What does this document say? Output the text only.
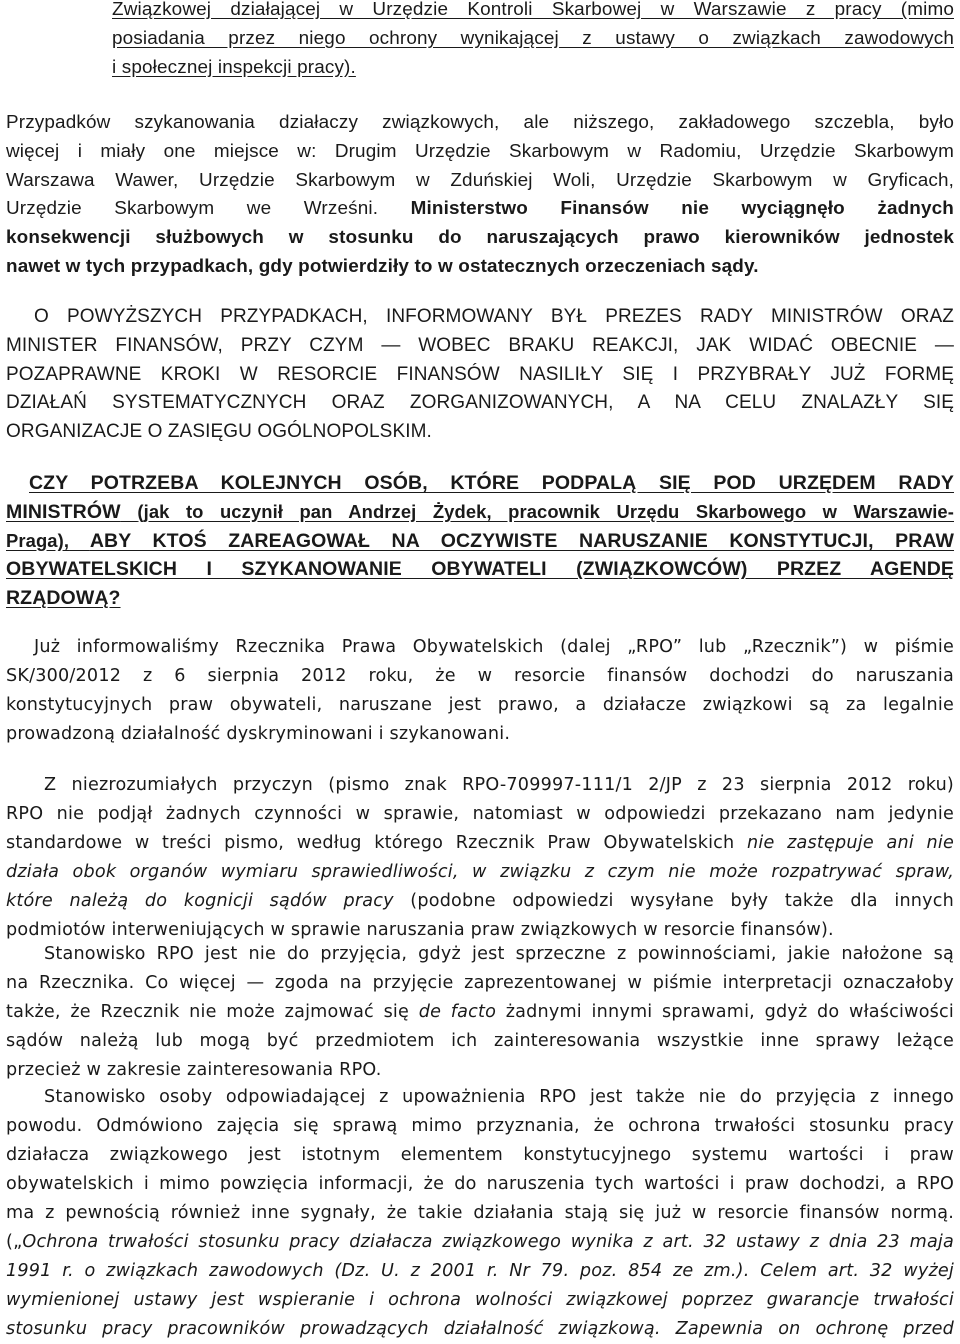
Związkowej działającej w Urzędzie Kontroli Skarbowej w Warszawie z pracy (mimo
posiadania przez niego ochrony wynikającej z ustawy o związkach zawodowych
i społecznej inspekcji pracy).
Przypadków szykanowania działaczy związkowych, ale niższego, zakładowego szczebla, było
więcej i miały one miejsce w: Drugim Urzędzie Skarbowym w Radomiu, Urzędzie Skarbowym
Warszawa Wawer, Urzędzie Skarbowym w Zduńskiej Woli, Urzędzie Skarbowym w Gryficach,
Urzędzie Skarbowym we Wrześni. Ministerstwo Finansów nie wyciągnęło żadnych
konsekwencji służbowych w stosunku do naruszających prawo kierowników jednostek
nawet w tych przypadkach, gdy potwierdziły to w ostatecznych orzeczeniach sądy.
O POWYŻSZYCH PRZYPADKACH, INFORMOWANY BYŁ PREZES RADY MINISTRÓW ORAZ
MINISTER FINANSÓW, PRZY CZYM — WOBEC BRAKU REAKCJI, JAK WIDAĆ OBECNIE —
POZAPRAWNE KROKI W RESORCIE FINANSÓW NASILIŁY SIĘ I PRZYBRAŁY JUŻ FORMĘ
DZIAŁAŃ SYSTEMATYCZNYCH ORAZ ZORGANIZOWANYCH, A NA CELU ZNALAZŁY SIĘ
ORGANIZACJE O ZASIĘGU OGÓLNOPOLSKIM.
CZY POTRZEBA KOLEJNYCH OSÓB, KTÓRE PODPALĄ SIĘ POD URZĘDEM RADY
MINISTRÓW (jak to uczynił pan Andrzej Żydek, pracownik Urzędu Skarbowego w Warszawie-
Praga), ABY KTOŚ ZAREAGOWAŁ NA OCZYWISTE NARUSZANIE KONSTYTUCJI, PRAW
OBYWATELSKICH I SZYKANOWANIE OBYWATELI (ZWIĄZKOWCÓW) PRZEZ AGENDĘ
RZĄDOWĄ?
Już informowaliśmy Rzecznika Prawa Obywatelskich (dalej „RPO” lub „Rzecznik”) w piśmie
SK/300/2012 z 6 sierpnia 2012 roku, że w resorcie finansów dochodzi do naruszania
konstytucyjnych praw obywateli, naruszane jest prawo, a działacze związkowi są za legalnie
prowadzoną działalność dyskryminowani i szykanowani.
Z niezrozumiałych przyczyn (pismo znak RPO-709997-111/1 2/JP z 23 sierpnia 2012 roku)
RPO nie podjął żadnych czynności w sprawie, natomiast w odpowiedzi przekazano nam jedynie
standardowe w treści pismo, według którego Rzecznik Praw Obywatelskich nie zastępuje ani nie
działa obok organów wymiaru sprawiedliwości, w związku z czym nie może rozpatrywać spraw,
które należą do kognicji sądów pracy (podobne odpowiedzi wysyłane były także dla innych
podmiotów interweniujących w sprawie naruszania praw związkowych w resorcie finansów).
Stanowisko RPO jest nie do przyjęcia, gdyż jest sprzeczne z powinnościami, jakie nałożone są
na Rzecznika. Co więcej — zgoda na przyjęcie zaprezentowanej w piśmie interpretacji oznaczałoby
także, że Rzecznik nie może zajmować się de facto żadnymi innymi sprawami, gdyż do właściwości
sądów należą lub mogą być przedmiotem ich zainteresowania wszystkie inne sprawy leżące
przecież w zakresie zainteresowania RPO.
Stanowisko osoby odpowiadającej z upoważnienia RPO jest także nie do przyjęcia z innego
powodu. Odmówiono zajęcia się sprawą mimo przyznania, że ochrona trwałości stosunku pracy
działacza związkowego jest istotnym elementem konstytucyjnego systemu wartości i praw
obywatelskich i mimo powzięcia informacji, że do naruszenia tych wartości i praw dochodzi, a RPO
ma z pewnością również inne sygnały, że takie działania stają się już w resorcie finansów normą.
(„Ochrona trwałości stosunku pracy działacza związkowego wynika z art. 32 ustawy z dnia 23 maja
1991 r. o związkach zawodowych (Dz. U. z 2001 r. Nr 79. poz. 854 ze zm.). Celem art. 32 wyżej
wymienionej ustawy jest wspieranie i ochrona wolności związkowej poprzez gwarancje trwałości
stosunku pracy pracowników prowadzących działalność związkową. Zapewnia on ochronę przed
